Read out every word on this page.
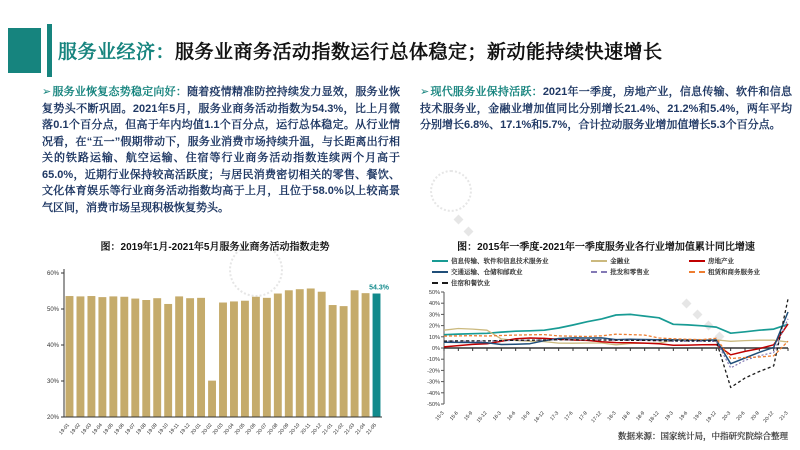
服务业经济：服务业商务活动指数运行总体稳定；新动能持续快速增长
➢服务业恢复态势稳定向好：随着疫情精准防控持续发力显效，服务业恢复势头不断巩固。2021年5月，服务业商务活动指数为54.3%，比上月微落0.1个百分点，但高于年内均值1.1个百分点，运行总体稳定。从行业情况看，在“五一”假期带动下，服务业消费市场持续升温，与长距离出行相关的铁路运输、航空运输、住宿等行业商务活动指数连续两个月高于65.0%，近期行业保持较高活跃度；与居民消费密切相关的零售、餐饮、文化体育娱乐等行业商务活动指数均高于上月，且位于58.0%以上较高景气区间，消费市场呈现积极恢复势头。
➢现代服务业保持活跃：2021年一季度，房地产业，信息传输、软件和信息技术服务业，金融业增加值同比分别增长21.4%、21.2%和5.4%，两年平均分别增长6.8%、17.1%和5.7%，合计拉动服务业增加值增长5.3个百分点。
图：2019年1月-2021年5月服务业商务活动指数走势
20%
30%
40%
50%
60%
19-01
19-02
19-03
19-04
19-05
19-06
19-07
19-08
19-09
19-10
19-11
19-12
20-01
20-02
20-03
20-04
20-05
20-06
20-07
20-08
20-09
20-10
20-11
20-12
21-01
21-02
21-03
21-04
21-05
54.3%
图：2015年一季度-2021年一季度服务业各行业增加值累计同比增速
信息传输、软件和信息技术服务业	金融业	房地产业
交通运输、仓储和邮政业	批发和零售业	租赁和商务服务业
住宿和餐饮业
50%
40%
30%
20%
10%
0%
-10%
-20%
-30%
-40%
-50%
15-3 15-6 15-9 15-12 16-3 16-6 16-9 16-12 17-3 17-6 17-9 17-12 18-3 18-6 18-9 18-12 19-3 19-6 19-9 19-12 20-3 20-6 20-9 20-12 21-3
数据来源：国家统计局，中指研究院综合整理
